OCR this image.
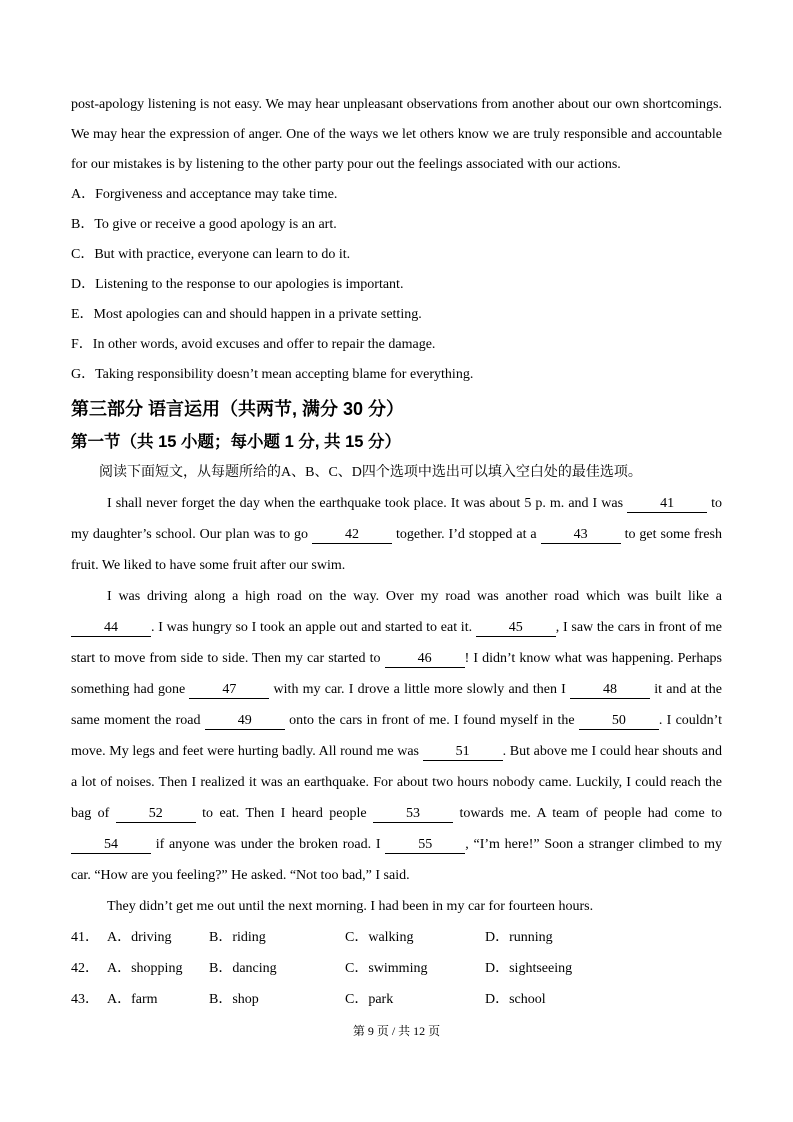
post-apology listening is not easy. We may hear unpleasant observations from another about our own shortcomings. We may hear the expression of anger. One of the ways we let others know we are truly responsible and accountable for our mistakes is by listening to the other party pour out the feelings associated with our actions.

A．Forgiveness and acceptance may take time.

B．To give or receive a good apology is an art.

C．But with practice, everyone can learn to do it.

D．Listening to the response to our apologies is important.

E．Most apologies can and should happen in a private setting.

F．In other words, avoid excuses and offer to repair the damage.

G．Taking responsibility doesn’t mean accepting blame for everything.

第三部分 语言运用（共两节, 满分 30 分）
第一节（共 15 小题；每小题 1 分, 共 15 分）

阅读下面短文，从每题所给的A、B、C、D四个选项中选出可以填入空白处的最佳选项。

I shall never forget the day when the earthquake took place. It was about 5 p. m. and I was 41 to my daughter’s school. Our plan was to go 42 together. I’d stopped at a 43 to get some fresh fruit. We liked to have some fruit after our swim.

I was driving along a high road on the way. Over my road was another road which was built like a 44 . I was hungry so I took an apple out and started to eat it. 45 , I saw the cars in front of me start to move from side to side. Then my car started to 46 ! I didn’t know what was happening. Perhaps something had gone 47 with my car. I drove a little more slowly and then I 48 it and at the same moment the road 49 onto the cars in front of me. I found myself in the 50 . I couldn’t move. My legs and feet were hurting badly. All round me was 51 . But above me I could hear shouts and a lot of noises. Then I realized it was an earthquake. For about two hours nobody came. Luckily, I could reach the bag of 52 to eat. Then I heard people 53 towards me. A team of people had come to 54 if anyone was under the broken road. I 55 , “I’m here!” Soon a stranger climbed to my car. “How are you feeling?” He asked. “Not too bad,” I said.

They didn’t get me out until the next morning. I had been in my car for fourteen hours.

41． A．driving	B．riding	C．walking	D．running
42． A．shopping	B．dancing	C．swimming	D．sightseeing
43． A．farm	B．shop	C．park	D．school
第 9 页 / 共 12 页
